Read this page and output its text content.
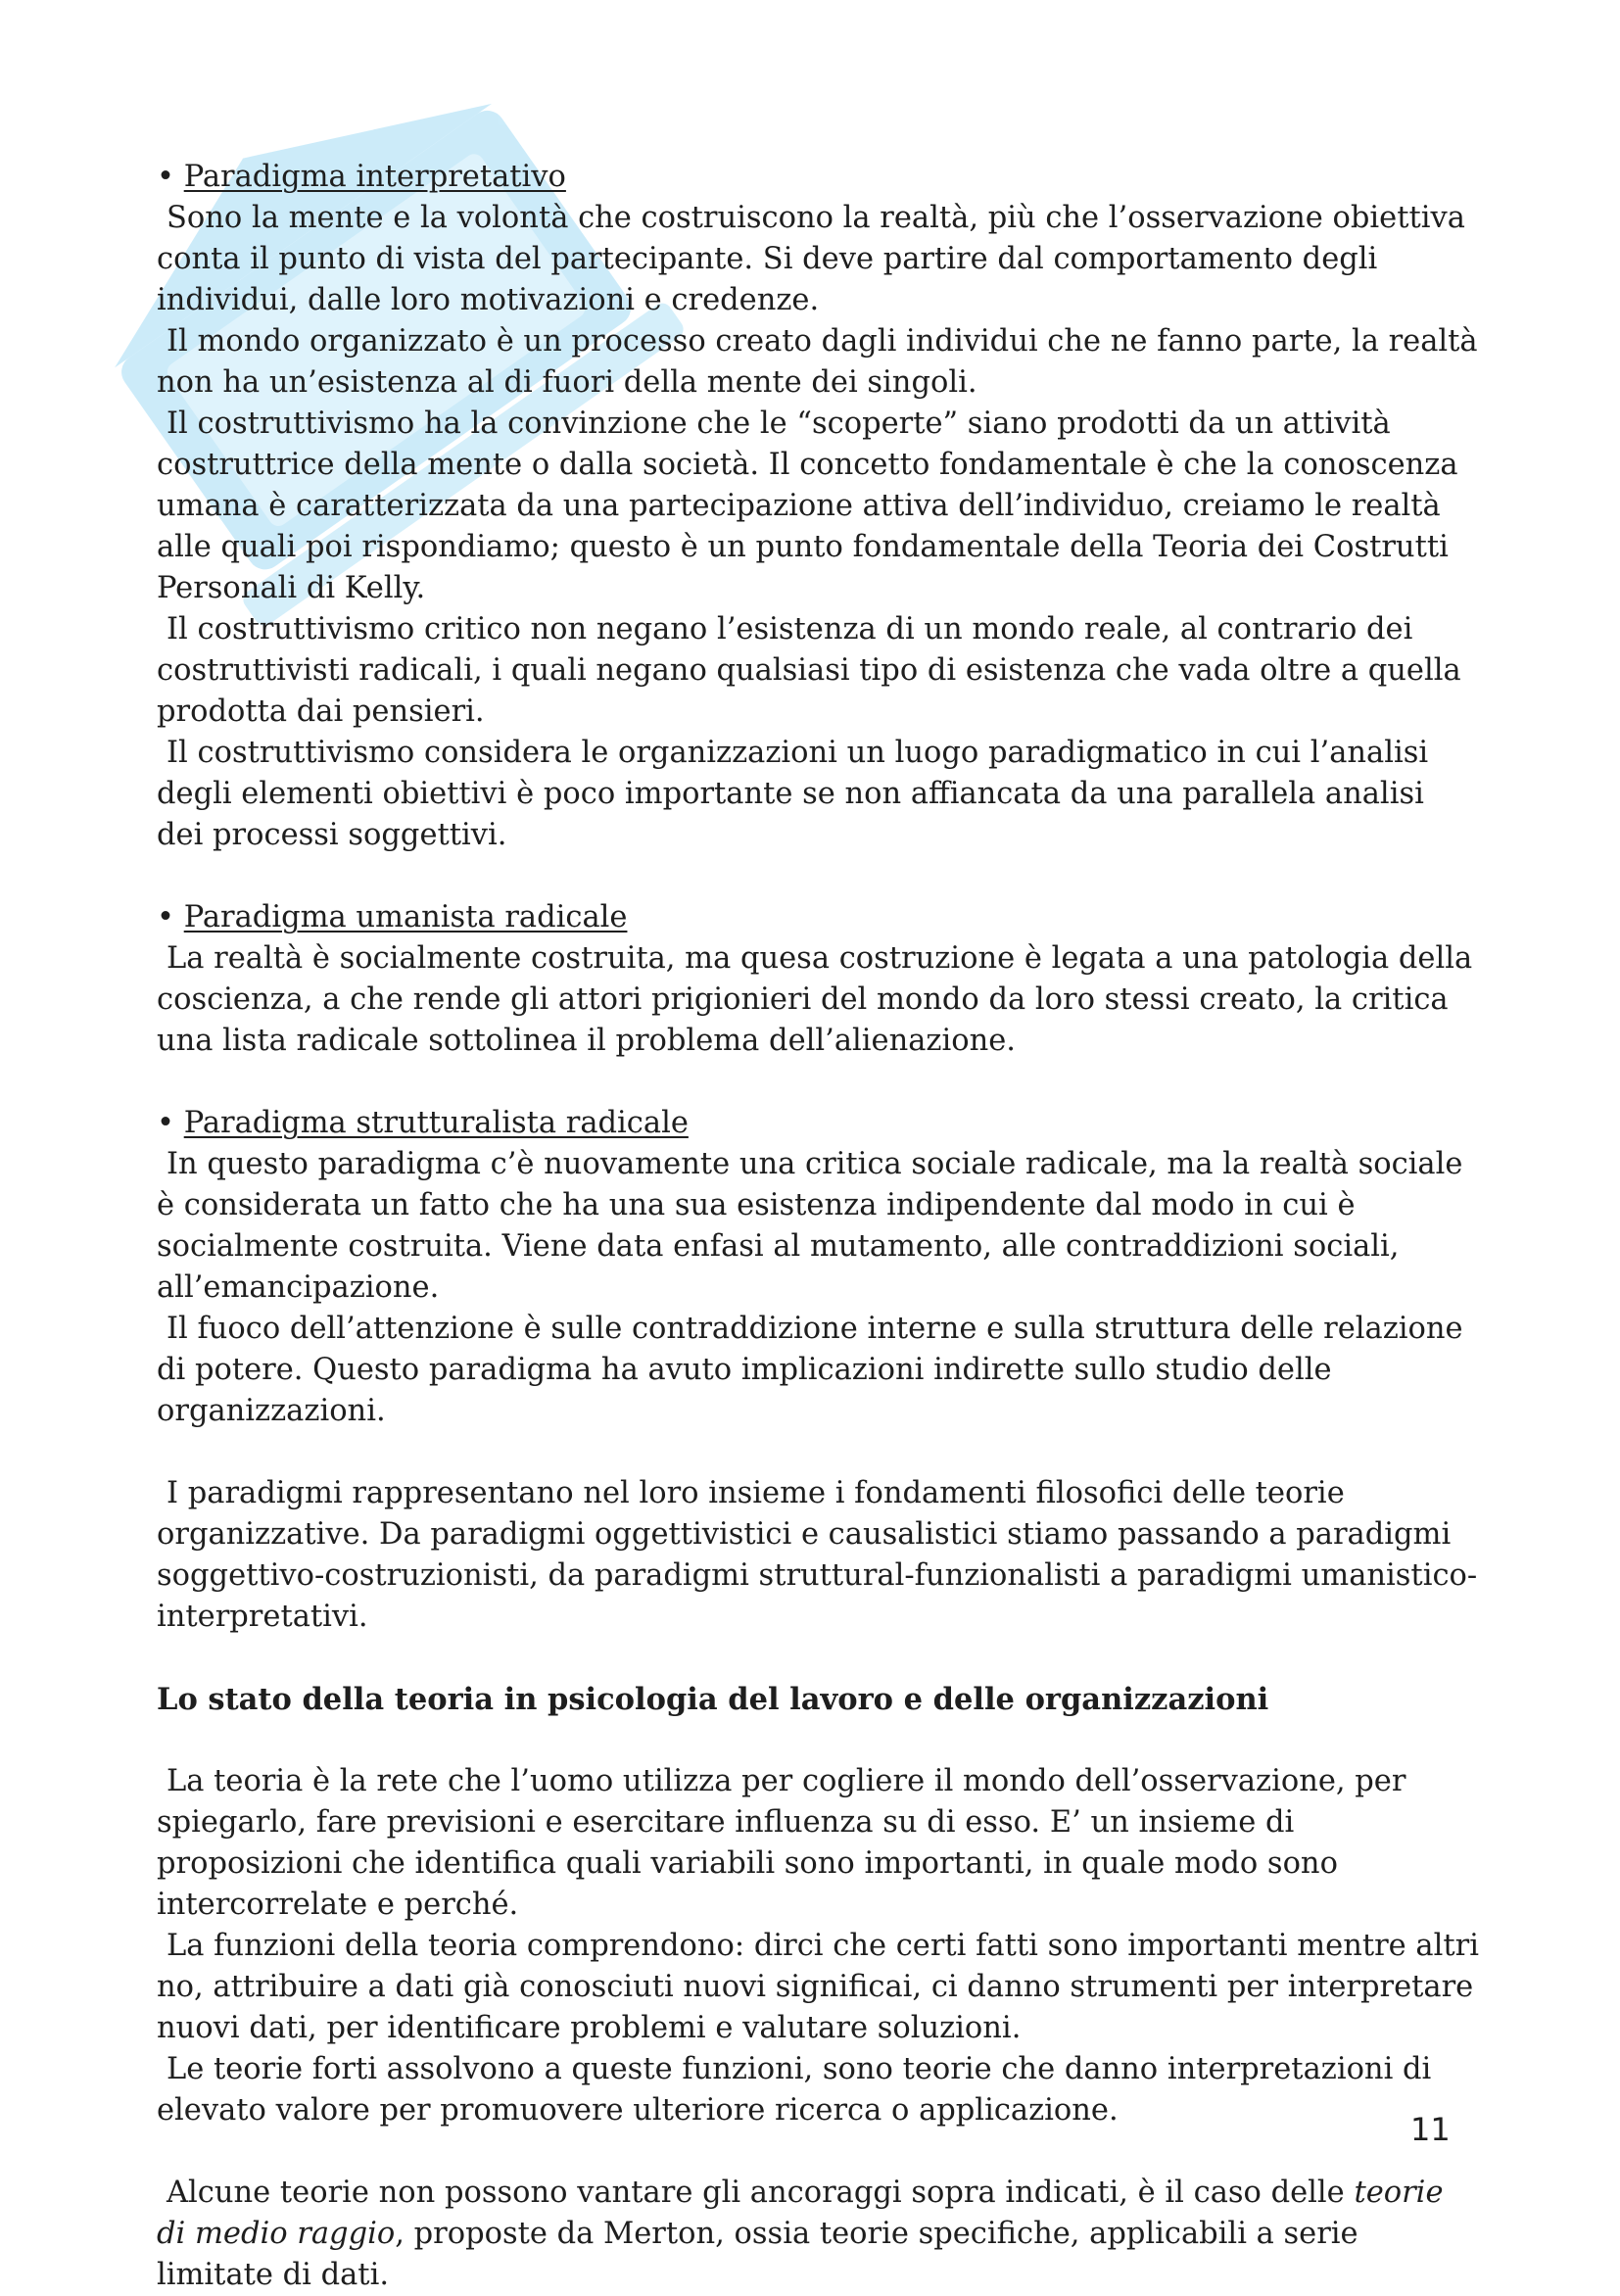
• Paradigma interpretativo

Sono la mente e la volontà che costruiscono la realtà, più che l’osservazione obiettiva conta il punto di vista del partecipante. Si deve partire dal comportamento degli individui, dalle loro motivazioni e credenze.

Il mondo organizzato è un processo creato dagli individui che ne fanno parte, la realtà non ha un’esistenza al di fuori della mente dei singoli.

Il costruttivismo ha la convinzione che le “scoperte” siano prodotti da un attività costruttrice della mente o dalla società. Il concetto fondamentale è che la conoscenza umana è caratterizzata da una partecipazione attiva dell’individuo, creiamo le realtà alle quali poi rispondiamo; questo è un punto fondamentale della Teoria dei Costrutti Personali di Kelly.

Il costruttivismo critico non negano l’esistenza di un mondo reale, al contrario dei costruttivisti radicali, i quali negano qualsiasi tipo di esistenza che vada oltre a quella prodotta dai pensieri.

Il costruttivismo considera le organizzazioni un luogo paradigmatico in cui l’analisi degli elementi obiettivi è poco importante se non affiancata da una parallela analisi dei processi soggettivi.

• Paradigma umanista radicale

La realtà è socialmente costruita, ma quesa costruzione è legata a una patologia della coscienza, a che rende gli attori prigionieri del mondo da loro stessi creato, la critica una lista radicale sottolinea il problema dell’alienazione.

• Paradigma strutturalista radicale

In questo paradigma c’è nuovamente una critica sociale radicale, ma la realtà sociale è considerata un fatto che ha una sua esistenza indipendente dal modo in cui è socialmente costruita. Viene data enfasi al mutamento, alle contraddizioni sociali, all’emancipazione.

Il fuoco dell’attenzione è sulle contraddizione interne e sulla struttura delle relazione di potere. Questo paradigma ha avuto implicazioni indirette sullo studio delle organizzazioni.

I paradigmi rappresentano nel loro insieme i fondamenti filosofici delle teorie organizzative. Da paradigmi oggettivistici e causalistici stiamo passando a paradigmi soggettivo-costruzionisti, da paradigmi struttural-funzionalisti a paradigmi umanistico-interpretativi.

Lo stato della teoria in psicologia del lavoro e delle organizzazioni

La teoria è la rete che l’uomo utilizza per cogliere il mondo dell’osservazione, per spiegarlo, fare previsioni e esercitare influenza su di esso. E’ un insieme di proposizioni che identifica quali variabili sono importanti, in quale modo sono intercorrelate e perché.

La funzioni della teoria comprendono: dirci che certi fatti sono importanti mentre altri no, attribuire a dati già conosciuti nuovi significai, ci danno strumenti per interpretare nuovi dati, per identificare problemi e valutare soluzioni.

Le teorie forti assolvono a queste funzioni, sono teorie che danno interpretazioni di elevato valore per promuovere ulteriore ricerca o applicazione.

Alcune teorie non possono vantare gli ancoraggi sopra indicati, è il caso delle teorie di medio raggio, proposte da Merton, ossia teorie specifiche, applicabili a serie limitate di dati.

11
